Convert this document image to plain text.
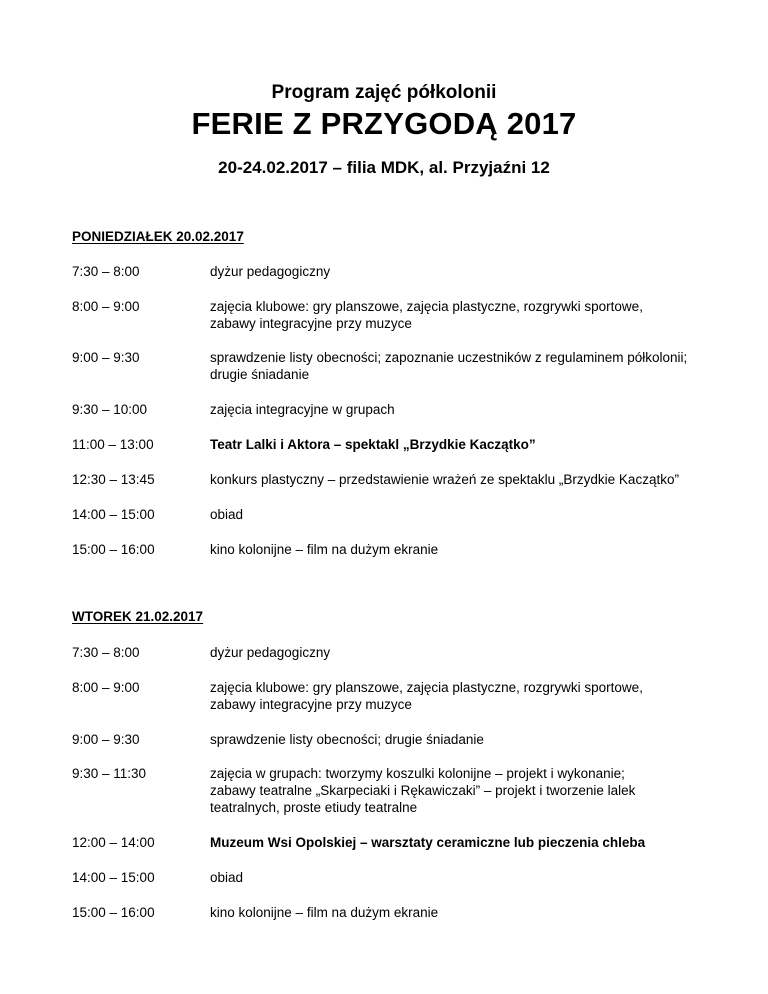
Program zajęć półkolonii
FERIE Z PRZYGODĄ 2017
20-24.02.2017 – filia MDK, al. Przyjaźni 12
PONIEDZIAŁEK 20.02.2017
7:30 – 8:00	dyżur pedagogiczny
8:00 – 9:00	zajęcia klubowe: gry planszowe, zajęcia plastyczne, rozgrywki sportowe,
zabawy integracyjne przy muzyce
9:00 – 9:30	sprawdzenie listy obecności; zapoznanie uczestników z regulaminem półkolonii;
drugie śniadanie
9:30 – 10:00	zajęcia integracyjne w grupach
11:00 – 13:00	Teatr Lalki i Aktora – spektakl „Brzydkie Kaczątko”
12:30 – 13:45	konkurs plastyczny – przedstawienie wrażeń ze spektaklu „Brzydkie Kaczątko”
14:00 – 15:00	obiad
15:00 – 16:00	kino kolonijne – film na dużym ekranie
WTOREK 21.02.2017
7:30 – 8:00	dyżur pedagogiczny
8:00 – 9:00	zajęcia klubowe: gry planszowe, zajęcia plastyczne, rozgrywki sportowe,
zabawy integracyjne przy muzyce
9:00 – 9:30	sprawdzenie listy obecności; drugie śniadanie
9:30 – 11:30	zajęcia w grupach: tworzymy koszulki kolonijne – projekt i wykonanie;
zabawy teatralne „Skarpeciaki i Rękawiczaki” – projekt i tworzenie lalek
teatralnych, proste etiudy teatralne
12:00 – 14:00	Muzeum Wsi Opolskiej – warsztaty ceramiczne lub pieczenia chleba
14:00 – 15:00	obiad
15:00 – 16:00	kino kolonijne – film na dużym ekranie
